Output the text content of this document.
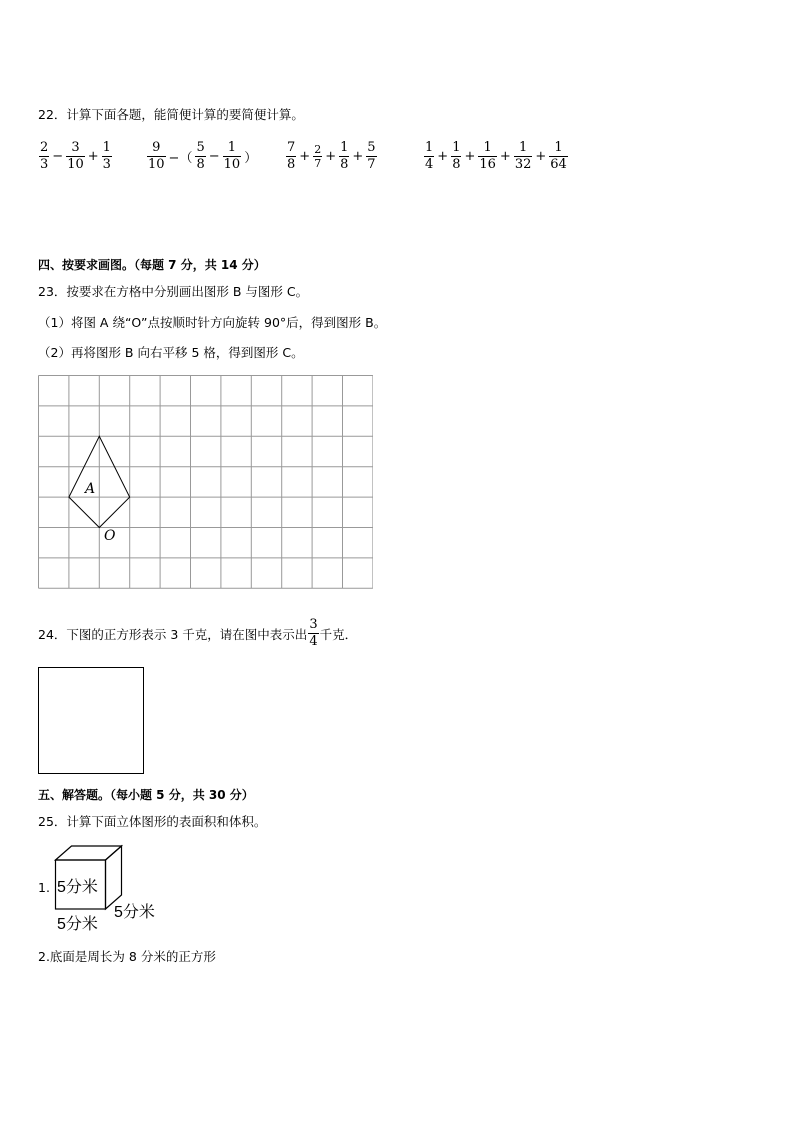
22．计算下面各题，能简便计算的要简便计算。
$\frac{2}{3} - \frac{3}{10} + \frac{1}{3}$	$\frac{9}{10}$ −（ $\frac{5}{8} - \frac{1}{10}$ ） $\frac{7}{8} + \frac{2}{7} + \frac{1}{8} + \frac{5}{7}$	$\frac{1}{4} + \frac{1}{8} + \frac{1}{16} + \frac{1}{32} + \frac{1}{64}$
四、按要求画图。（每题 7 分，共 14 分）
23．按要求在方格中分别画出图形 B 与图形 C。
（1）将图 A 绕“O”点按顺时针方向旋转 90°后，得到图形 B。
（2）再将图形 B 向右平移 5 格，得到图形 C。
A
O
24．下图的正方形表示 3 千克，请在图中表示出 $\frac{3}{4}$ 千克．
五、解答题。（每小题 5 分，共 30 分）
25．计算下面立体图形的表面积和体积。
1. 5分米
5分米
5分米
2.底面是周长为 8 分米的正方形
